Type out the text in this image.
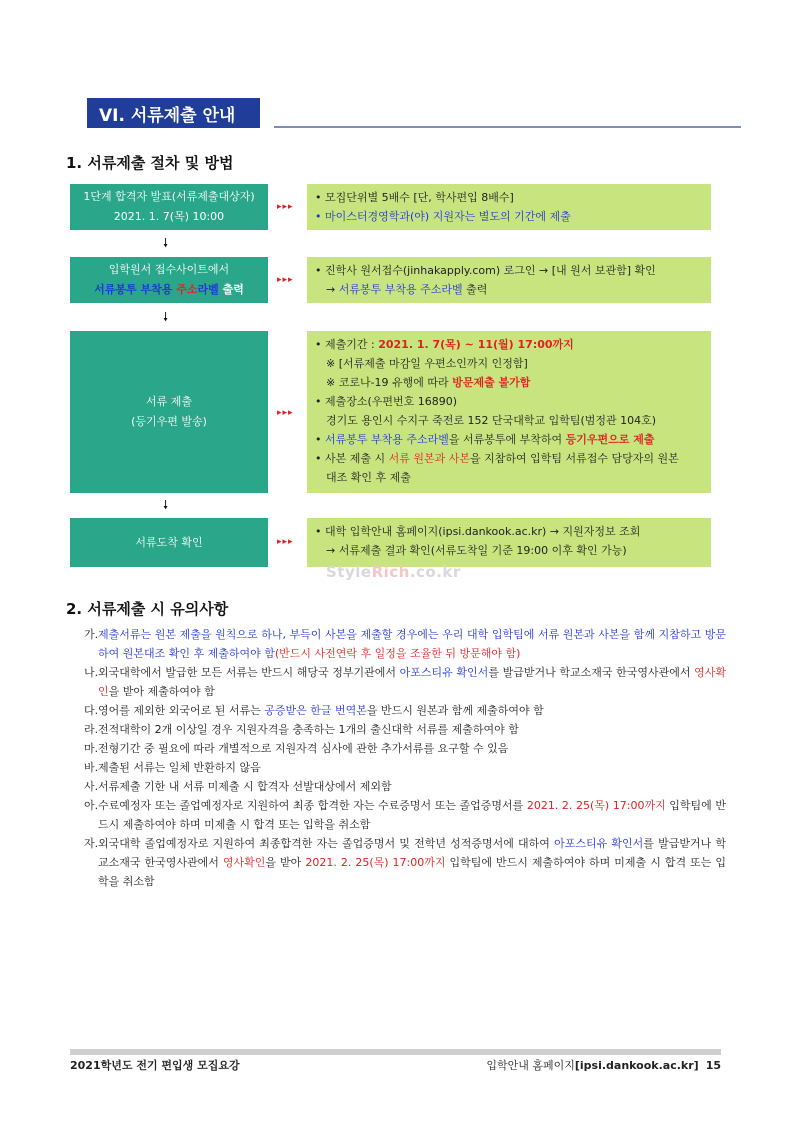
VI. 서류제출 안내
1. 서류제출 절차 및 방법
1단계 합격자 발표(서류제출대상자)
2021. 1. 7(목) 10:00
▸▸▸
• 모집단위별 5배수 [단, 학사편입 8배수]
• 마이스터경영학과(야) 지원자는 별도의 기간에 제출
🠗
입학원서 접수사이트에서
서류봉투 부착용 주소라벨 출력
▸▸▸
• 진학사 원서접수(jinhakapply.com) 로그인 → [내 원서 보관함] 확인
→ 서류봉투 부착용 주소라벨 출력
🠗
서류 제출
(등기우편 발송)
▸▸▸
• 제출기간 : 2021. 1. 7(목) ~ 11(월) 17:00까지
※ [서류제출 마감일 우편소인까지 인정함]
※ 코로나-19 유행에 따라 방문제출 불가함
• 제출장소(우편번호 16890)
경기도 용인시 수지구 죽전로 152 단국대학교 입학팀(범정관 104호)
• 서류봉투 부착용 주소라벨을 서류봉투에 부착하여 등기우편으로 제출
• 사본 제출 시 서류 원본과 사본을 지참하여 입학팀 서류접수 담당자의 원본
대조 확인 후 제출
🠗
서류도착 확인	▸▸▸
• 대학 입학안내 홈페이지(ipsi.dankook.ac.kr) → 지원자정보 조회
→ 서류제출 결과 확인(서류도착일 기준 19:00 이후 확인 가능)
StyleRich.co.kr
2. 서류제출 시 유의사항
가. 제출서류는 원본 제출을 원칙으로 하나, 부득이 사본을 제출할 경우에는 우리 대학 입학팀에 서류 원본과 사본을 함께 지참하고 방문하여 원본대조 확인 후 제출하여야 함(반드시 사전연락 후 일정을 조율한 뒤 방문해야 함)
나. 외국대학에서 발급한 모든 서류는 반드시 해당국 정부기관에서 아포스티유 확인서를 발급받거나 학교소재국 한국영사관에서 영사확인을 받아 제출하여야 함
다. 영어를 제외한 외국어로 된 서류는 공증받은 한글 번역본을 반드시 원본과 함께 제출하여야 함
라. 전적대학이 2개 이상일 경우 지원자격을 충족하는 1개의 출신대학 서류를 제출하여야 함
마. 전형기간 중 필요에 따라 개별적으로 지원자격 심사에 관한 추가서류를 요구할 수 있음
바. 제출된 서류는 일체 반환하지 않음
사. 서류제출 기한 내 서류 미제출 시 합격자 선발대상에서 제외함
아. 수료예정자 또는 졸업예정자로 지원하여 최종 합격한 자는 수료증명서 또는 졸업증명서를 2021. 2. 25(목) 17:00까지 입학팀에 반드시 제출하여야 하며 미제출 시 합격 또는 입학을 취소함
자. 외국대학 졸업예정자로 지원하여 최종합격한 자는 졸업증명서 및 전학년 성적증명서에 대하여 아포스티유 확인서를 발급받거나 학교소재국 한국영사관에서 영사확인을 받아 2021. 2. 25(목) 17:00까지 입학팀에 반드시 제출하여야 하며 미제출 시 합격 또는 입학을 취소함
2021학년도 전기 편입생 모집요강	입학안내 홈페이지[ipsi.dankook.ac.kr] 15
